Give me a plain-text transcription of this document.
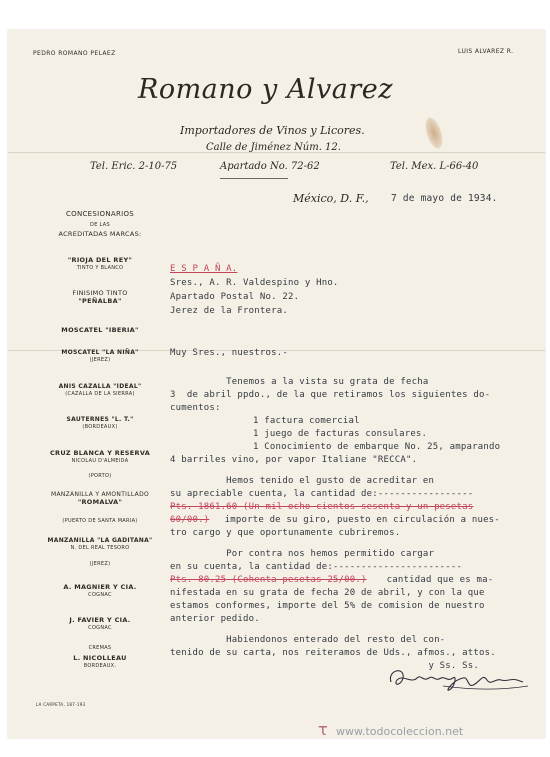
PEDRO ROMANO PELAEZ	LUIS ALVAREZ R.
Romano y Alvarez
Importadores de Vinos y Licores.
Calle de Jiménez Núm. 12.
Tel. Eric. 2-10-75	Apartado No. 72-62	Tel. Mex. L-66-40
CONCESIONARIOS
DE LAS
ACREDITADAS MARCAS:
"RIOJA DEL REY"
TINTO Y BLANCO
FINISIMO TINTO
"PEÑALBA"
MOSCATEL "IBERIA"
MOSCATEL "LA NIÑA"
(JEREZ)
ANIS CAZALLA "IDEAL"
(CAZALLA DE LA SIERRA)
SAUTERNES "L. T."
(BORDEAUX)
CRUZ BLANCA Y RESERVA
NICOLAU D'ALMEIDA
(PORTO)
MANZANILLA Y AMONTILLADO
"ROMALVA"
(PUERTO DE SANTA MARIA)
MANZANILLA "LA GADITANA"
N. DEL REAL TESORO
(JEREZ)
A. MAGNIER Y CIA.
COGNAC
J. FAVIER Y CIA.
COGNAC
CREMAS
L. NICOLLEAU
BORDEAUX.
LA CARPETA, 187-193
México, D. F., 7 de mayo de 1934.
E S P A Ñ A.
Sres., A. R. Valdespino y Hno.
Apartado Postal No. 22.
Jerez de la Frontera.
Muy Sres., nuestros.-
Tenemos a la vista su grata de fecha
3  de abril ppdo., de la que retiramos los siguientes do-
cumentos:
1 factura comercial
1 juego de facturas consulares.
1 Conocimiento de embarque No. 25, amparando
4 barriles vino, por vapor Italiane "RECCA".
Hemos tenido el gusto de acreditar en
su apreciable cuenta, la cantidad de:-----------------
Pts. 1861.60 (Un mil ocho cientos sesenta y un pesetas
60/00.) importe de su giro, puesto en circulación a nues-
tro cargo y que oportunamente cubriremos.
Por contra nos hemos permitido cargar
en su cuenta, la cantidad de:-----------------------
Pts. 80.25 (Cohenta pesetas 25/00.) cantidad que es ma-
nifestada en su grata de fecha 20 de abril, y con la que
estamos conformes, importe del 5% de comision de nuestro
anterior pedido.
Habiendonos enterado del resto del con-
tenido de su carta, nos reiteramos de Uds., afmos., attos.
y Ss. Ss.
τ www.todocoleccion.net
